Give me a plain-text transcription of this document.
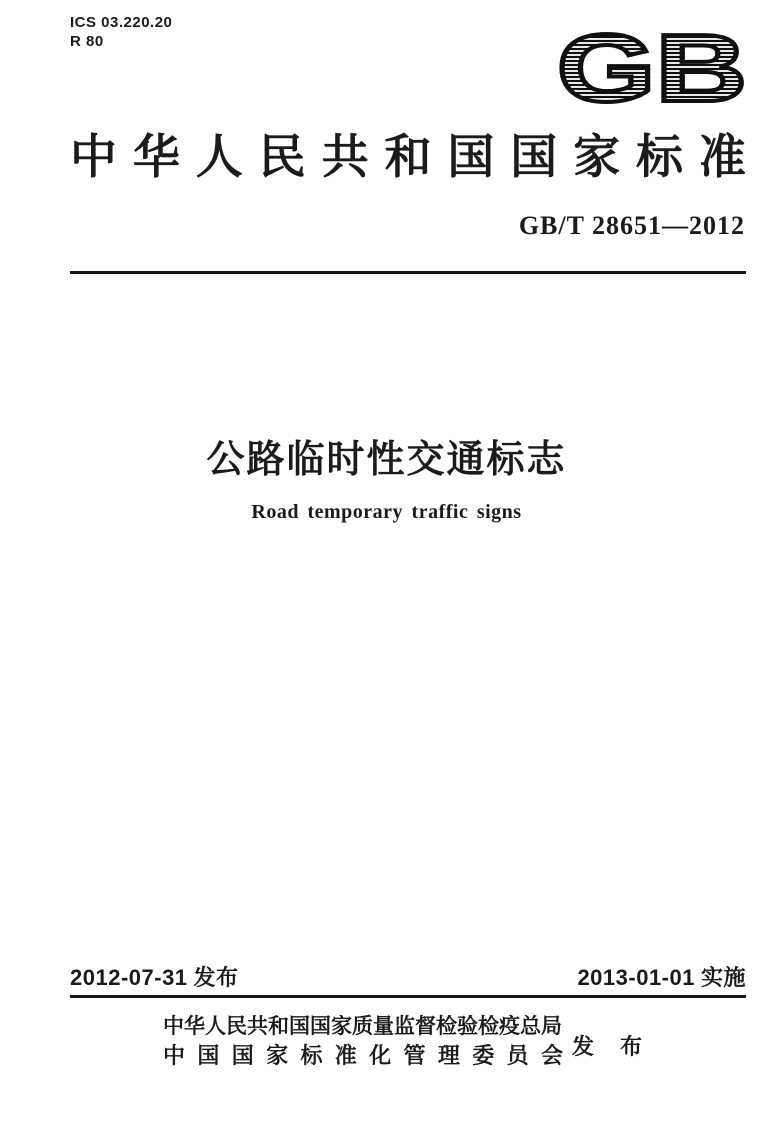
ICS 03.220.20
R 80	GB
中 华 人 民 共 和 国 国 家 标 准
GB/T 28651—2012
公路临时性交通标志
Road temporary traffic signs
2012-07-31 发布	2013-01-01 实施
中华人民共和国国家质量监督检验检疫总局
中 国 国 家 标 准 化 管 理 委 员 会 发 布
